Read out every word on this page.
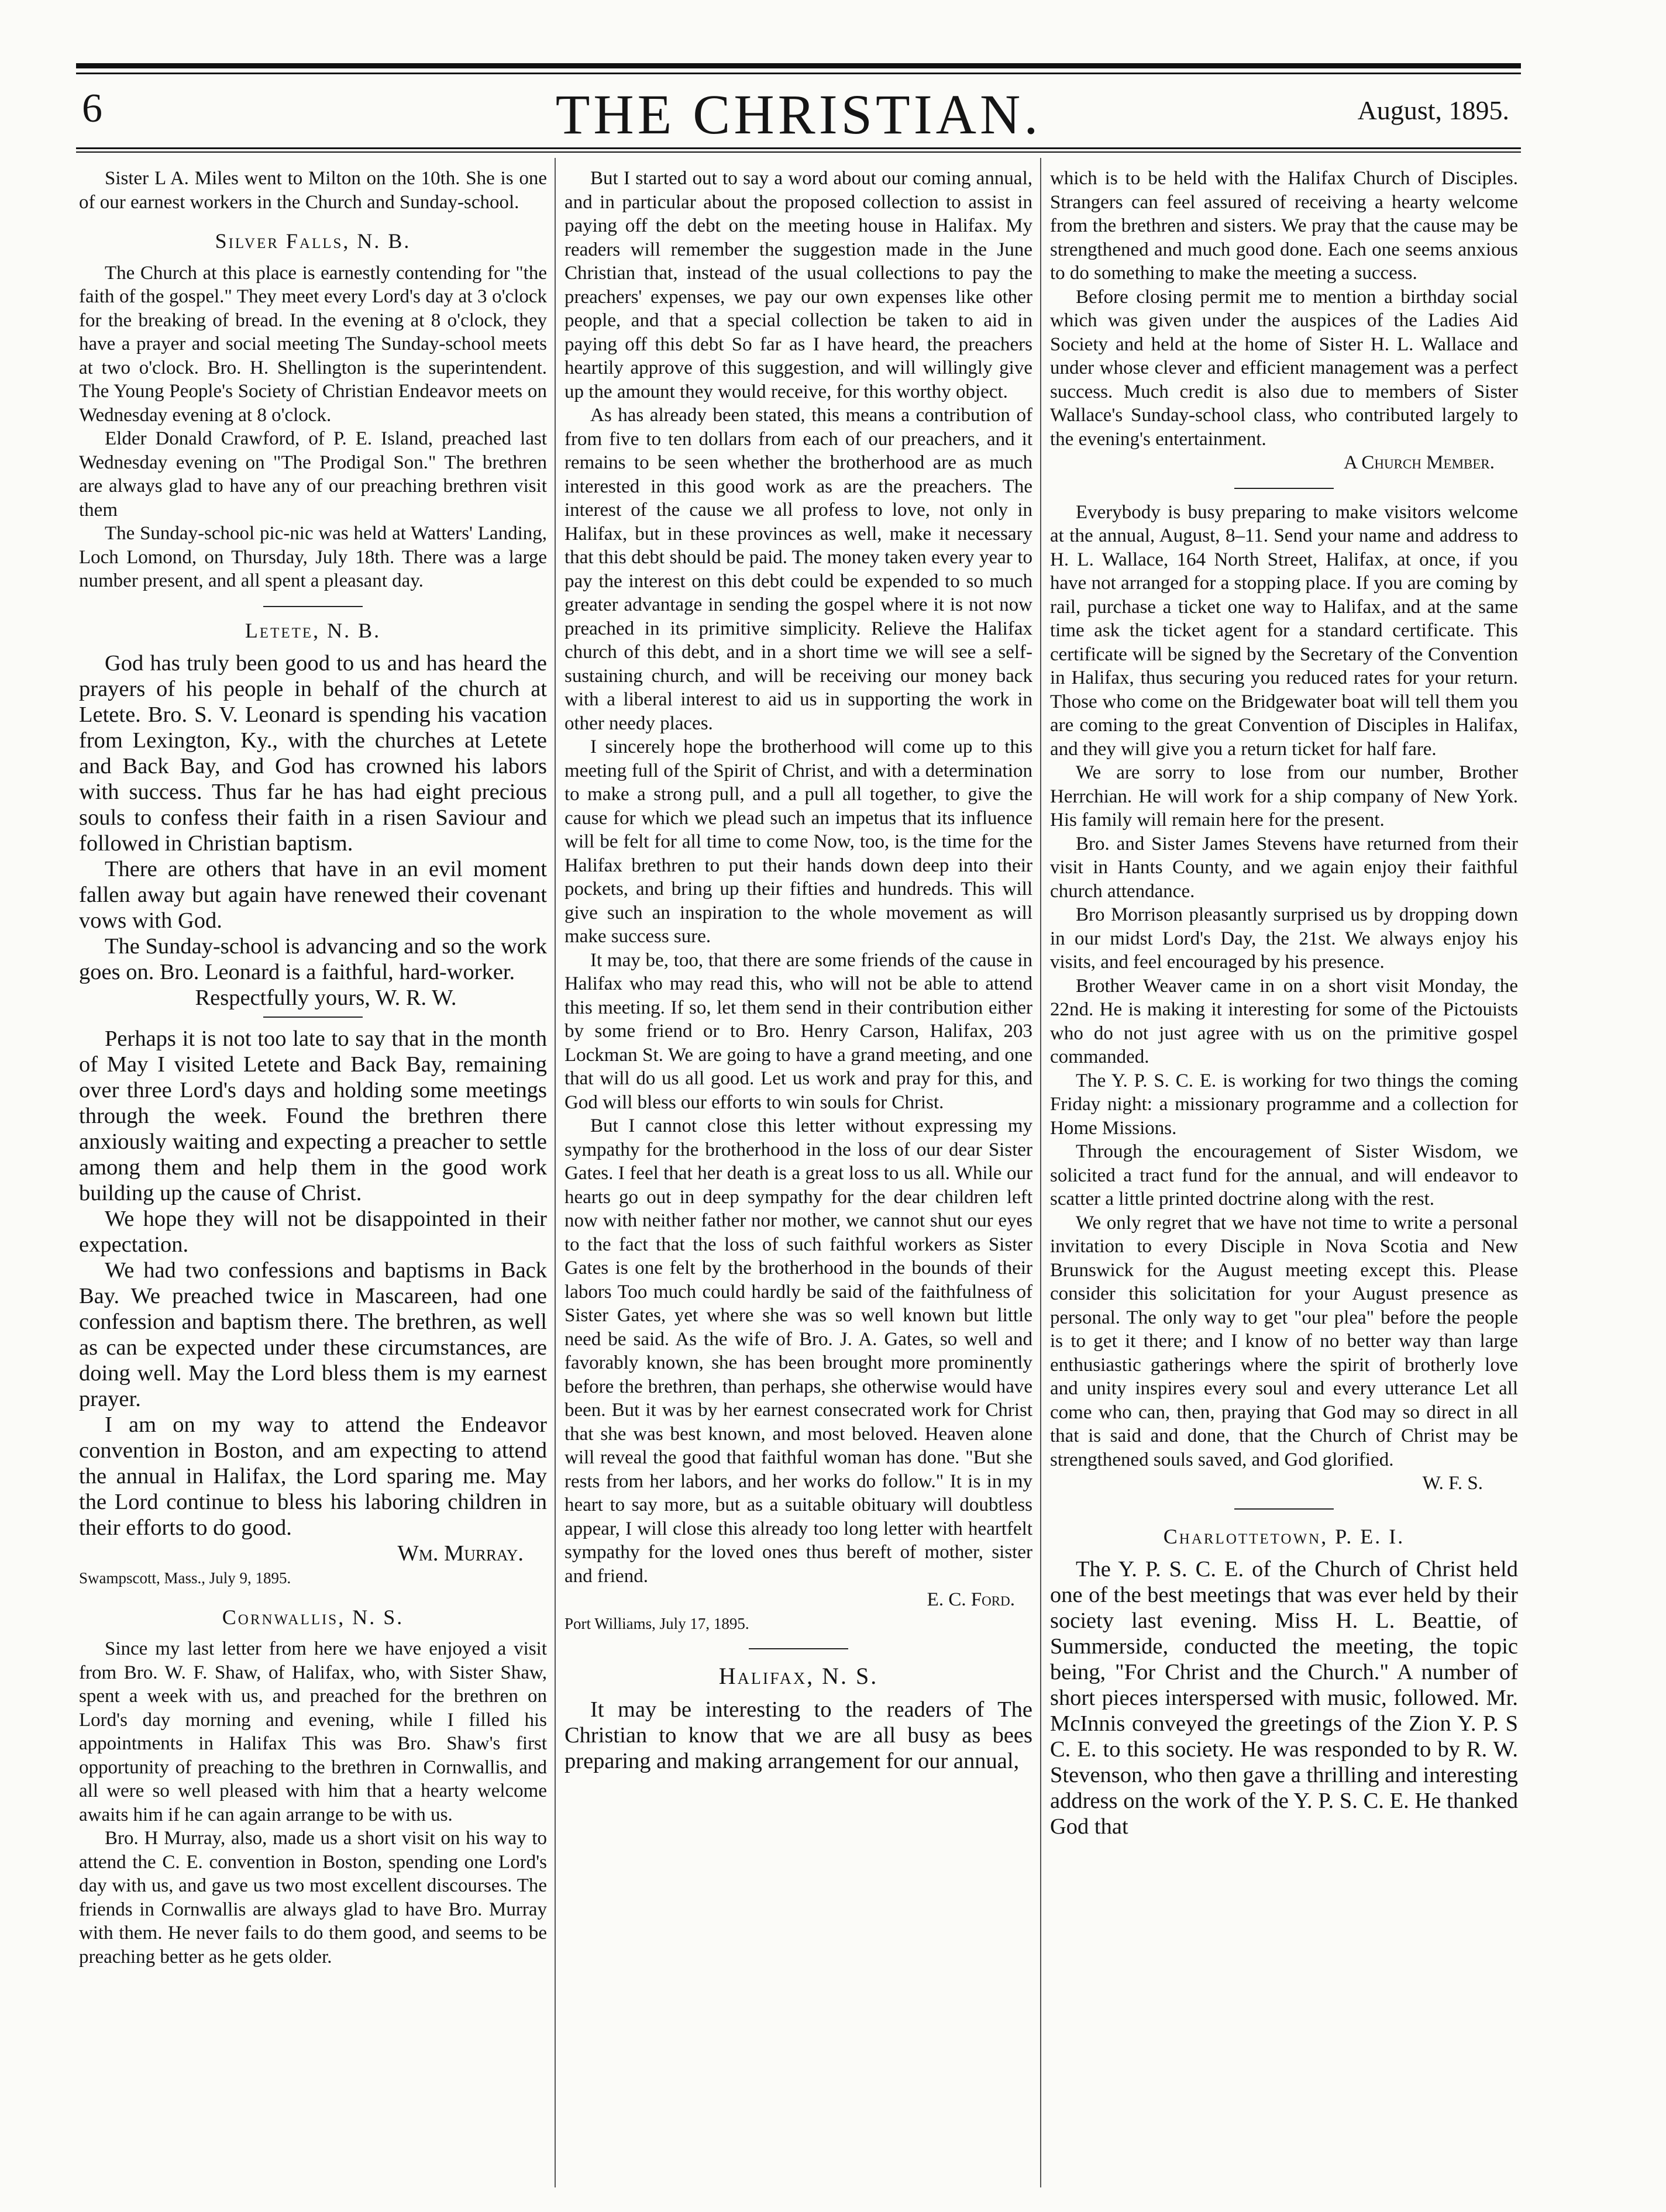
6	THE CHRISTIAN.	August, 1895.

Sister L A. Miles went to Milton on the 10th. She is one of our earnest workers in the Church and Sunday-school.

Silver Falls, N. B.

The Church at this place is earnestly contending for "the faith of the gospel." They meet every Lord's day at 3 o'clock for the breaking of bread. In the evening at 8 o'clock, they have a prayer and social meeting The Sunday-school meets at two o'clock. Bro. H. Shellington is the superintendent. The Young People's Society of Christian Endeavor meets on Wednesday evening at 8 o'clock.

Elder Donald Crawford, of P. E. Island, preached last Wednesday evening on "The Prodigal Son." The brethren are always glad to have any of our preaching brethren visit them

The Sunday-school pic-nic was held at Watters' Landing, Loch Lomond, on Thursday, July 18th. There was a large number present, and all spent a pleasant day.

Letete, N. B.

God has truly been good to us and has heard the prayers of his people in behalf of the church at Letete. Bro. S. V. Leonard is spending his vacation from Lexington, Ky., with the churches at Letete and Back Bay, and God has crowned his labors with success. Thus far he has had eight precious souls to confess their faith in a risen Saviour and followed in Christian baptism.

There are others that have in an evil moment fallen away but again have renewed their covenant vows with God.

The Sunday-school is advancing and so the work goes on. Bro. Leonard is a faithful, hard-worker.

Respectfully yours, W. R. W.

Perhaps it is not too late to say that in the month of May I visited Letete and Back Bay, remaining over three Lord's days and holding some meetings through the week. Found the brethren there anxiously waiting and expecting a preacher to settle among them and help them in the good work building up the cause of Christ.

We hope they will not be disappointed in their expectation.

We had two confessions and baptisms in Back Bay. We preached twice in Mascareen, had one confession and baptism there. The brethren, as well as can be expected under these circumstances, are doing well. May the Lord bless them is my earnest prayer.

I am on my way to attend the Endeavor convention in Boston, and am expecting to attend the annual in Halifax, the Lord sparing me. May the Lord continue to bless his laboring children in their efforts to do good.

Wm. Murray.

Swampscott, Mass., July 9, 1895.

Cornwallis, N. S.

Since my last letter from here we have enjoyed a visit from Bro. W. F. Shaw, of Halifax, who, with Sister Shaw, spent a week with us, and preached for the brethren on Lord's day morning and evening, while I filled his appointments in Halifax This was Bro. Shaw's first opportunity of preaching to the brethren in Cornwallis, and all were so well pleased with him that a hearty welcome awaits him if he can again arrange to be with us.

Bro. H Murray, also, made us a short visit on his way to attend the C. E. convention in Boston, spending one Lord's day with us, and gave us two most excellent discourses. The friends in Cornwallis are always glad to have Bro. Murray with them. He never fails to do them good, and seems to be preaching better as he gets older.

But I started out to say a word about our coming annual, and in particular about the proposed collection to assist in paying off the debt on the meeting house in Halifax. My readers will remember the suggestion made in the June Christian that, instead of the usual collections to pay the preachers' expenses, we pay our own expenses like other people, and that a special collection be taken to aid in paying off this debt So far as I have heard, the preachers heartily approve of this suggestion, and will willingly give up the amount they would receive, for this worthy object.

As has already been stated, this means a contribution of from five to ten dollars from each of our preachers, and it remains to be seen whether the brotherhood are as much interested in this good work as are the preachers. The interest of the cause we all profess to love, not only in Halifax, but in these provinces as well, make it necessary that this debt should be paid. The money taken every year to pay the interest on this debt could be expended to so much greater advantage in sending the gospel where it is not now preached in its primitive simplicity. Relieve the Halifax church of this debt, and in a short time we will see a self-sustaining church, and will be receiving our money back with a liberal interest to aid us in supporting the work in other needy places.

I sincerely hope the brotherhood will come up to this meeting full of the Spirit of Christ, and with a determination to make a strong pull, and a pull all together, to give the cause for which we plead such an impetus that its influence will be felt for all time to come Now, too, is the time for the Halifax brethren to put their hands down deep into their pockets, and bring up their fifties and hundreds. This will give such an inspiration to the whole movement as will make success sure.

It may be, too, that there are some friends of the cause in Halifax who may read this, who will not be able to attend this meeting. If so, let them send in their contribution either by some friend or to Bro. Henry Carson, Halifax, 203 Lockman St. We are going to have a grand meeting, and one that will do us all good. Let us work and pray for this, and God will bless our efforts to win souls for Christ.

But I cannot close this letter without expressing my sympathy for the brotherhood in the loss of our dear Sister Gates. I feel that her death is a great loss to us all. While our hearts go out in deep sympathy for the dear children left now with neither father nor mother, we cannot shut our eyes to the fact that the loss of such faithful workers as Sister Gates is one felt by the brotherhood in the bounds of their labors Too much could hardly be said of the faithfulness of Sister Gates, yet where she was so well known but little need be said. As the wife of Bro. J. A. Gates, so well and favorably known, she has been brought more prominently before the brethren, than perhaps, she otherwise would have been. But it was by her earnest consecrated work for Christ that she was best known, and most beloved. Heaven alone will reveal the good that faithful woman has done. "But she rests from her labors, and her works do follow." It is in my heart to say more, but as a suitable obituary will doubtless appear, I will close this already too long letter with heartfelt sympathy for the loved ones thus bereft of mother, sister and friend.

E. C. Ford.

Port Williams, July 17, 1895.

Halifax, N. S.

It may be interesting to the readers of The Christian to know that we are all busy as bees preparing and making arrangement for our annual,

which is to be held with the Halifax Church of Disciples. Strangers can feel assured of receiving a hearty welcome from the brethren and sisters. We pray that the cause may be strengthened and much good done. Each one seems anxious to do something to make the meeting a success.

Before closing permit me to mention a birthday social which was given under the auspices of the Ladies Aid Society and held at the home of Sister H. L. Wallace and under whose clever and efficient management was a perfect success. Much credit is also due to members of Sister Wallace's Sunday-school class, who contributed largely to the evening's entertainment.

A Church Member.

Everybody is busy preparing to make visitors welcome at the annual, August, 8–11. Send your name and address to H. L. Wallace, 164 North Street, Halifax, at once, if you have not arranged for a stopping place. If you are coming by rail, purchase a ticket one way to Halifax, and at the same time ask the ticket agent for a standard certificate. This certificate will be signed by the Secretary of the Convention in Halifax, thus securing you reduced rates for your return. Those who come on the Bridgewater boat will tell them you are coming to the great Convention of Disciples in Halifax, and they will give you a return ticket for half fare.

We are sorry to lose from our number, Brother Herrchian. He will work for a ship company of New York. His family will remain here for the present.

Bro. and Sister James Stevens have returned from their visit in Hants County, and we again enjoy their faithful church attendance.

Bro Morrison pleasantly surprised us by dropping down in our midst Lord's Day, the 21st. We always enjoy his visits, and feel encouraged by his presence.

Brother Weaver came in on a short visit Monday, the 22nd. He is making it interesting for some of the Pictouists who do not just agree with us on the primitive gospel commanded.

The Y. P. S. C. E. is working for two things the coming Friday night: a missionary programme and a collection for Home Missions.

Through the encouragement of Sister Wisdom, we solicited a tract fund for the annual, and will endeavor to scatter a little printed doctrine along with the rest.

We only regret that we have not time to write a personal invitation to every Disciple in Nova Scotia and New Brunswick for the August meeting except this. Please consider this solicitation for your August presence as personal. The only way to get "our plea" before the people is to get it there; and I know of no better way than large enthusiastic gatherings where the spirit of brotherly love and unity inspires every soul and every utterance Let all come who can, then, praying that God may so direct in all that is said and done, that the Church of Christ may be strengthened souls saved, and God glorified.

W. F. S.

Charlottetown, P. E. I.

The Y. P. S. C. E. of the Church of Christ held one of the best meetings that was ever held by their society last evening. Miss H. L. Beattie, of Summerside, conducted the meeting, the topic being, "For Christ and the Church." A number of short pieces interspersed with music, followed. Mr. McInnis conveyed the greetings of the Zion Y. P. S C. E. to this society. He was responded to by R. W. Stevenson, who then gave a thrilling and interesting address on the work of the Y. P. S. C. E. He thanked God that
